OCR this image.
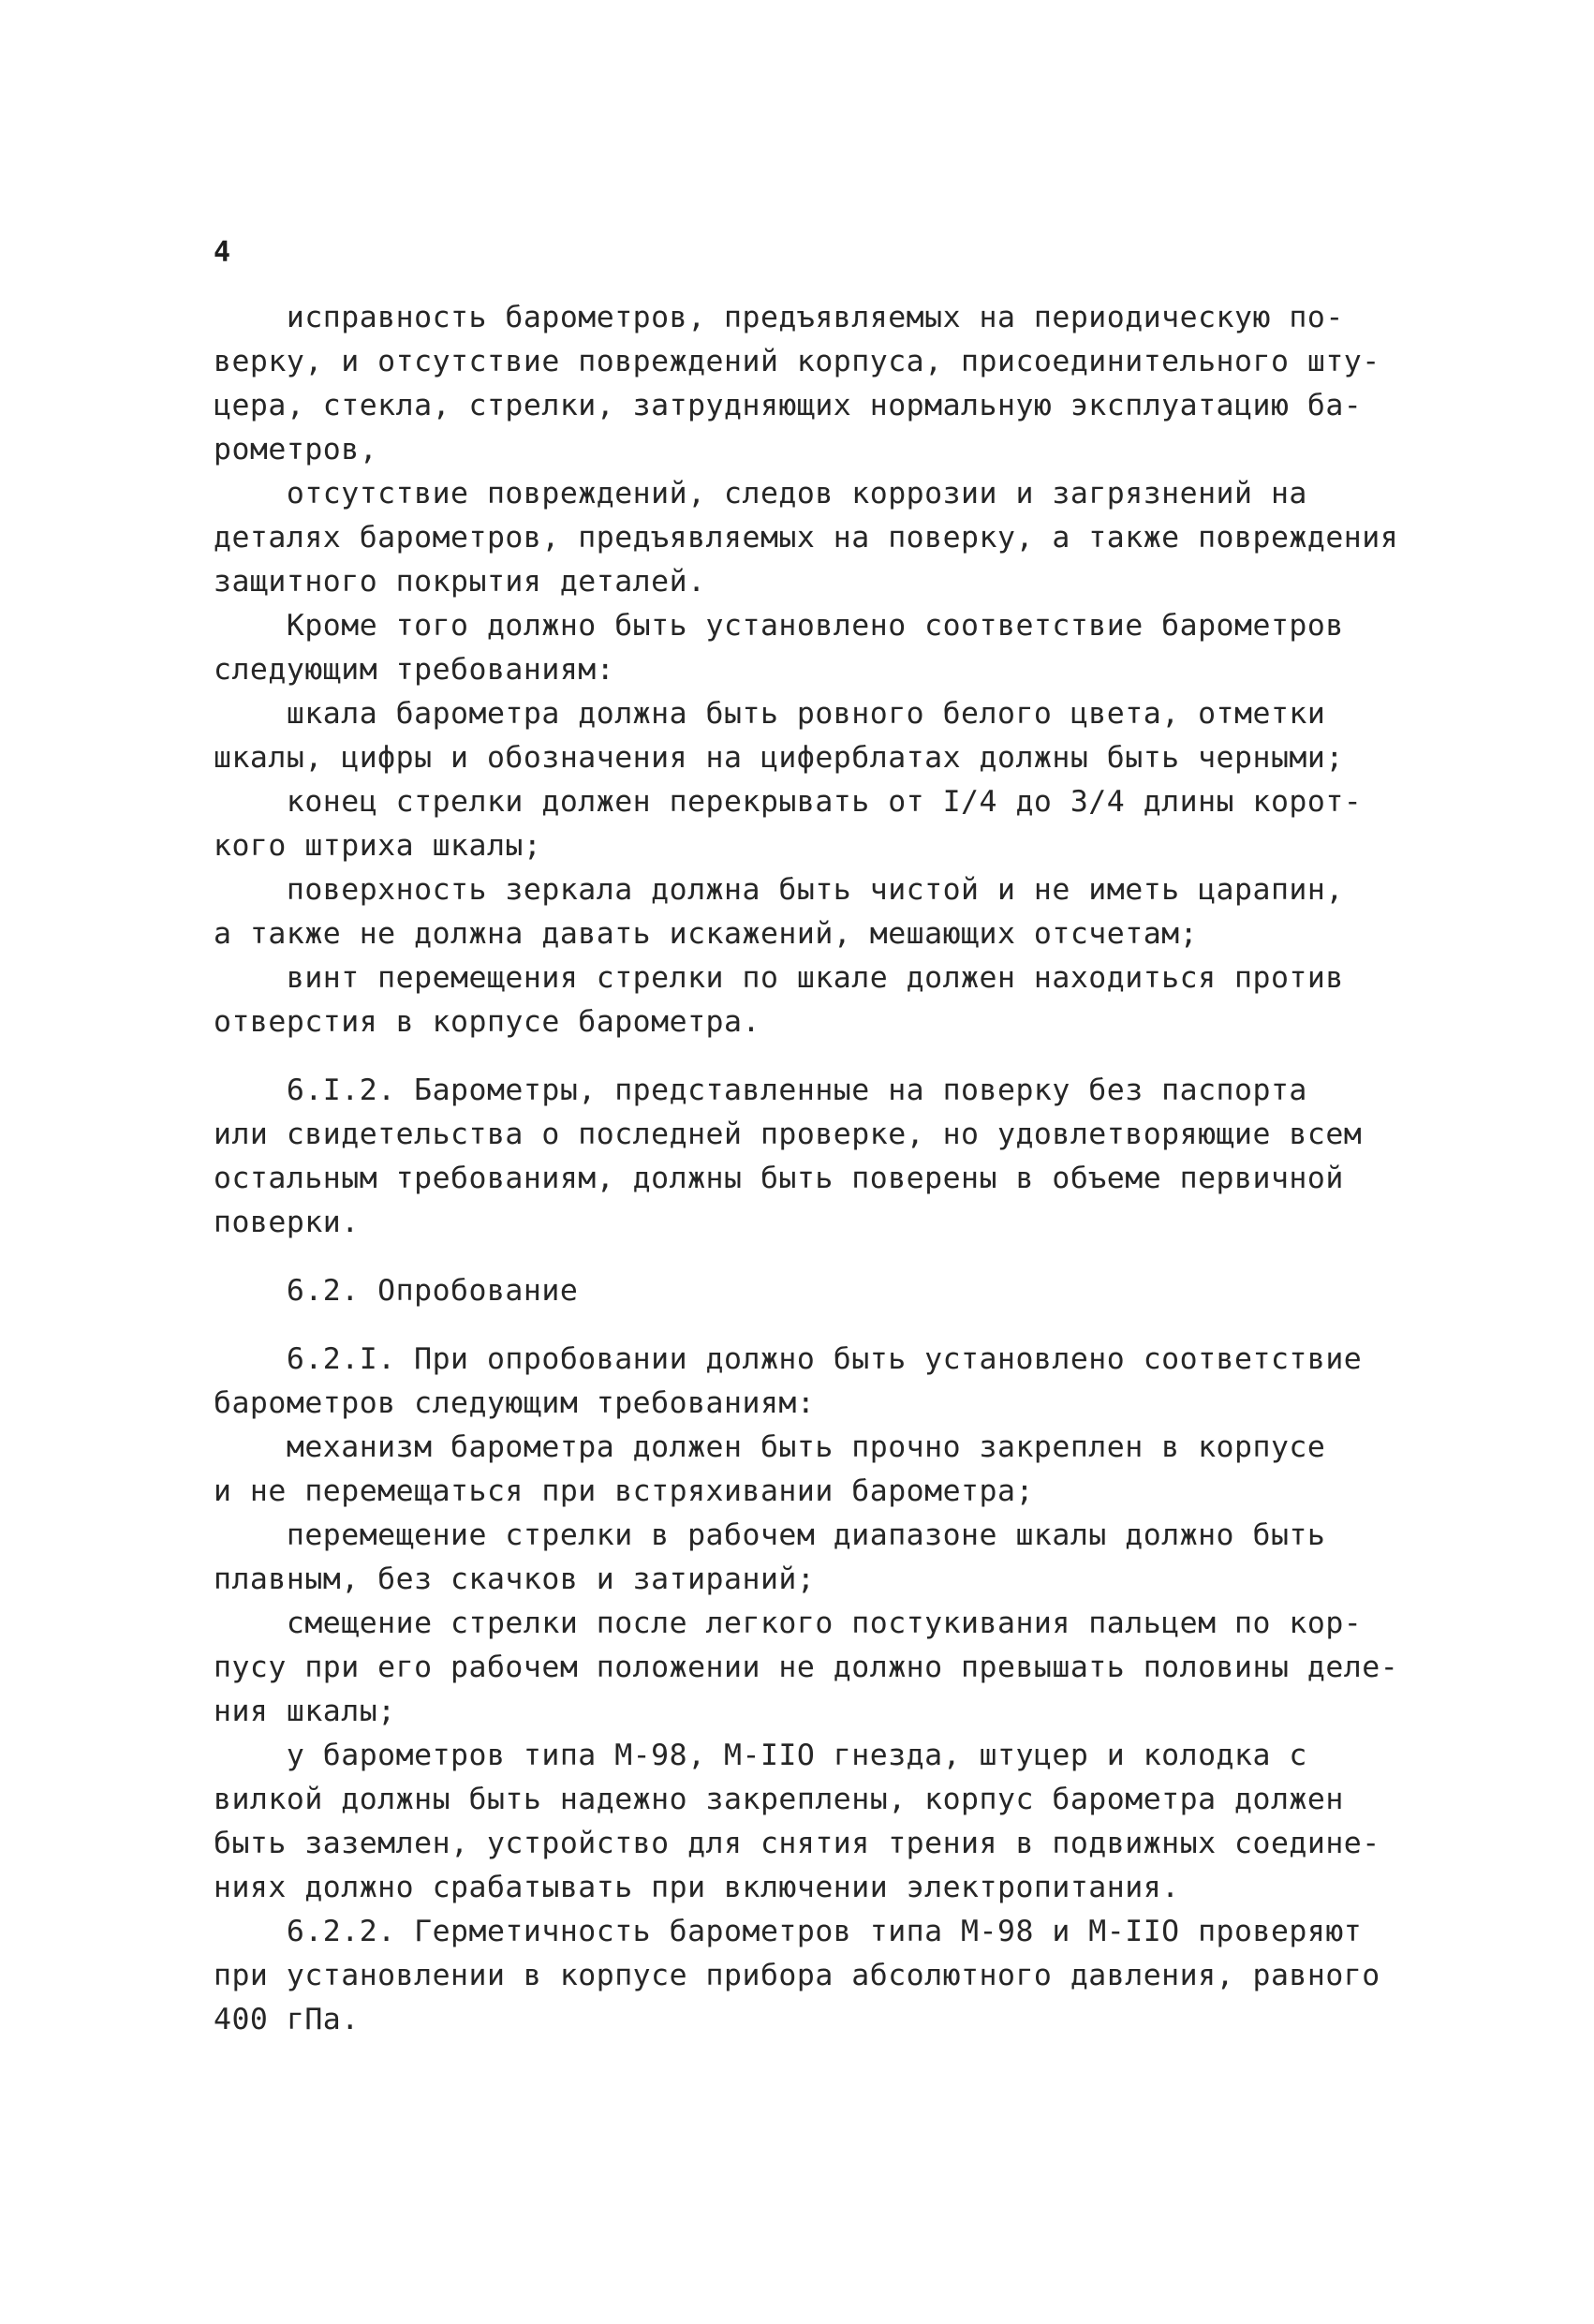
4
исправность барометров, предъявляемых на периодическую по-
верку, и отсутствие повреждений корпуса, присоединительного шту-
цера, стекла, стрелки, затрудняющих нормальную эксплуатацию ба-
рометров,
отсутствие повреждений, следов коррозии и загрязнений на
деталях барометров, предъявляемых на поверку, а также повреждения
защитного покрытия деталей.
Кроме того должно быть установлено соответствие барометров
следующим требованиям:
шкала барометра должна быть ровного белого цвета, отметки
шкалы, цифры и обозначения на циферблатах должны быть черными;
конец стрелки должен перекрывать от I/4 до 3/4 длины корот-
кого штриха шкалы;
поверхность зеркала должна быть чистой и не иметь царапин,
а также не должна давать искажений, мешающих отсчетам;
винт перемещения стрелки по шкале должен находиться против
отверстия в корпусе барометра.
6.I.2. Барометры, представленные на поверку без паспорта
или свидетельства о последней проверке, но удовлетворяющие всем
остальным требованиям, должны быть поверены в объеме первичной
поверки.
6.2. Опробование
6.2.I. При опробовании должно быть установлено соответствие
барометров следующим требованиям:
механизм барометра должен быть прочно закреплен в корпусе
и не перемещаться при встряхивании барометра;
перемещение стрелки в рабочем диапазоне шкалы должно быть
плавным, без скачков и затираний;
смещение стрелки после легкого постукивания пальцем по кор-
пусу при его рабочем положении не должно превышать половины деле-
ния шкалы;
у барометров типа М-98, М-IIO гнезда, штуцер и колодка с
вилкой должны быть надежно закреплены, корпус барометра должен
быть заземлен, устройство для снятия трения в подвижных соедине-
ниях должно срабатывать при включении электропитания.
6.2.2. Герметичность барометров типа М-98 и М-IIO проверяют
при установлении в корпусе прибора абсолютного давления, равного
400 гПа.
